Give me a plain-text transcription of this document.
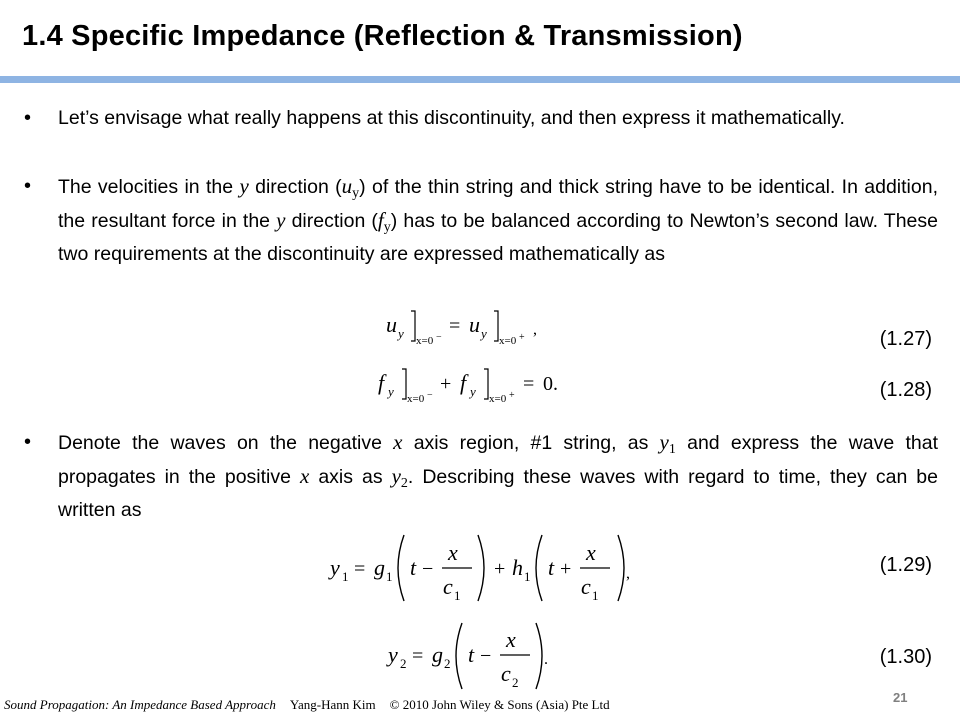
1.4 Specific Impedance (Reflection & Transmission)
• Let’s envisage what really happens at this discontinuity, and then express it mathematically.
• The velocities in the y direction $(u_y)$ of the thin string and thick string have to be identical. In addition, the resultant force in the y direction $(f_y)$ has to be balanced according to Newton’s second law. These two requirements at the discontinuity are expressed mathematically as
u y x=0 −
= u y x=0 + ,	(1.27)
f y x=0 −
+ f y x=0 +
= 0.	(1.28)
• Denote the waves on the negative x axis region, #1 string, as $y_1$ and express the wave that propagates in the positive x axis as $y_2$. Describing these waves with regard to time, they can be written as
y 1 = g 1 t −
x
c 1
+ h 1 t +
x
c 1
,	(1.29)
y 2 = g 2 t −
x
c 2
.	(1.30)
Sound Propagation: An Impedance Based Approach Yang-Hann Kim © 2010 John Wiley & Sons (Asia) Pte Ltd	21
